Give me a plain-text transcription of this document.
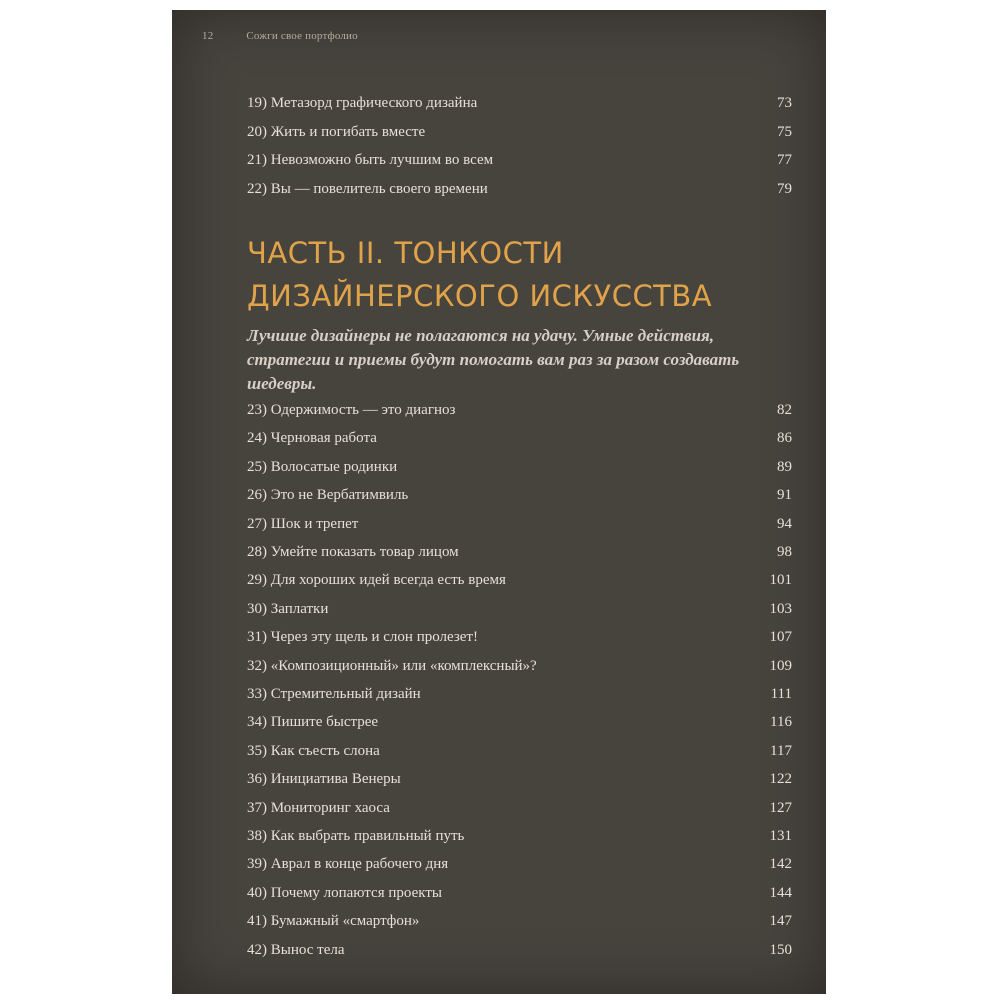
12	Сожги свое портфолио
19) Метазорд графического дизайна	73
20) Жить и погибать вместе	75
21) Невозможно быть лучшим во всем	77
22) Вы — повелитель своего времени	79
ЧАСТЬ II. ТОНКОСТИ ДИЗАЙНЕРСКОГО ИСКУССТВА
Лучшие дизайнеры не полагаются на удачу. Умные действия, стратегии и приемы будут помогать вам раз за разом создавать шедевры.
23) Одержимость — это диагноз	82
24) Черновая работа	86
25) Волосатые родинки	89
26) Это не Вербатимвиль	91
27) Шок и трепет	94
28) Умейте показать товар лицом	98
29) Для хороших идей всегда есть время	101
30) Заплатки	103
31) Через эту щель и слон пролезет!	107
32) «Композиционный» или «комплексный»?	109
33) Стремительный дизайн	111
34) Пишите быстрее	116
35) Как съесть слона	117
36) Инициатива Венеры	122
37) Мониторинг хаоса	127
38) Как выбрать правильный путь	131
39) Аврал в конце рабочего дня	142
40) Почему лопаются проекты	144
41) Бумажный «смартфон»	147
42) Вынос тела	150
